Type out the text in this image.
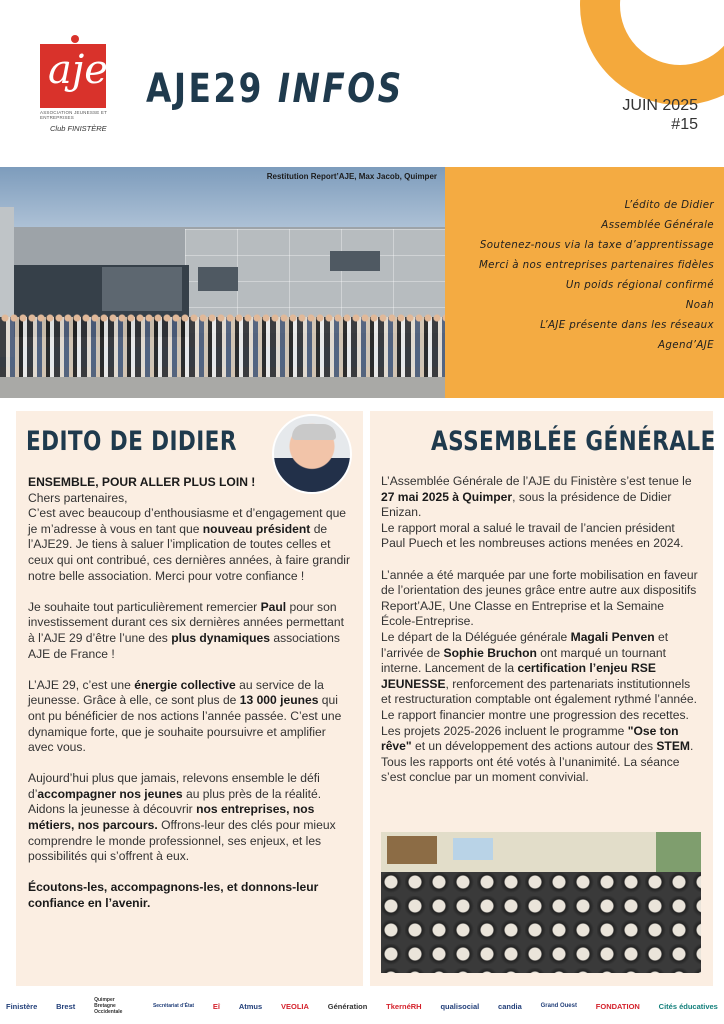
aje
ASSOCIATION JEUNESSE ET ENTREPRISES
Club FINISTÈRE
AJE29 INFOS	JUIN 2025
#15
Restitution Report’AJE, Max Jacob, Quimper
L’édito de Didier
Assemblée Générale
Soutenez-nous via la taxe d’apprentissage
Merci à nos entreprises partenaires fidèles
Un poids régional confirmé
Noah
L’AJE présente dans les réseaux
Agend’AJE
EDITO DE DIDIER

ENSEMBLE, POUR ALLER PLUS LOIN !

Chers partenaires,

C’est avec beaucoup d’enthousiasme et d’engagement que je m’adresse à vous en tant que nouveau président de l’AJE29. Je tiens à saluer l’implication de toutes celles et ceux qui ont contribué, ces dernières années, à faire grandir notre belle association. Merci pour votre confiance !

Je souhaite tout particulièrement remercier Paul pour son investissement durant ces six dernières années permettant à l’AJE 29 d’être l’une des plus dynamiques associations AJE de France !

L’AJE 29, c’est une énergie collective au service de la jeunesse. Grâce à elle, ce sont plus de 13 000 jeunes qui ont pu bénéficier de nos actions l’année passée. C’est une dynamique forte, que je souhaite poursuivre et amplifier avec vous.

Aujourd’hui plus que jamais, relevons ensemble le défi d’accompagner nos jeunes au plus près de la réalité. Aidons la jeunesse à découvrir nos entreprises, nos métiers, nos parcours. Offrons-leur des clés pour mieux comprendre le monde professionnel, ses enjeux, et les possibilités qui s’offrent à eux.

Écoutons-les, accompagnons-les, et donnons-leur confiance en l’avenir.

ASSEMBLÉE GÉNÉRALE

L’Assemblée Générale de l’AJE du Finistère s’est tenue le 27 mai 2025 à Quimper, sous la présidence de Didier Enizan.

Le rapport moral a salué le travail de l’ancien président Paul Puech et les nombreuses actions menées en 2024.

L’année a été marquée par une forte mobilisation en faveur de l’orientation des jeunes grâce entre autre aux dispositifs Report’AJE, Une Classe en Entreprise et la Semaine École-Entreprise.

Le départ de la Déléguée générale Magali Penven et l’arrivée de Sophie Bruchon ont marqué un tournant interne. Lancement de la certification l’enjeu RSE JEUNESSE, renforcement des partenariats institutionnels et restructuration comptable ont également rythmé l’année. Le rapport financier montre une progression des recettes.

Les projets 2025-2026 incluent le programme "Ose ton rêve" et un développement des actions autour des STEM. Tous les rapports ont été votés à l’unanimité. La séance s’est conclue par un moment convivial.

Finistère	Brest
Quimper Bretagne Occidentale
Secrétariat d’État	Eî	Atmus	VEOLIA	Génération	TkernéRH	qualisocial	candia	Grand Ouest	FONDATION	Cités éducatives
